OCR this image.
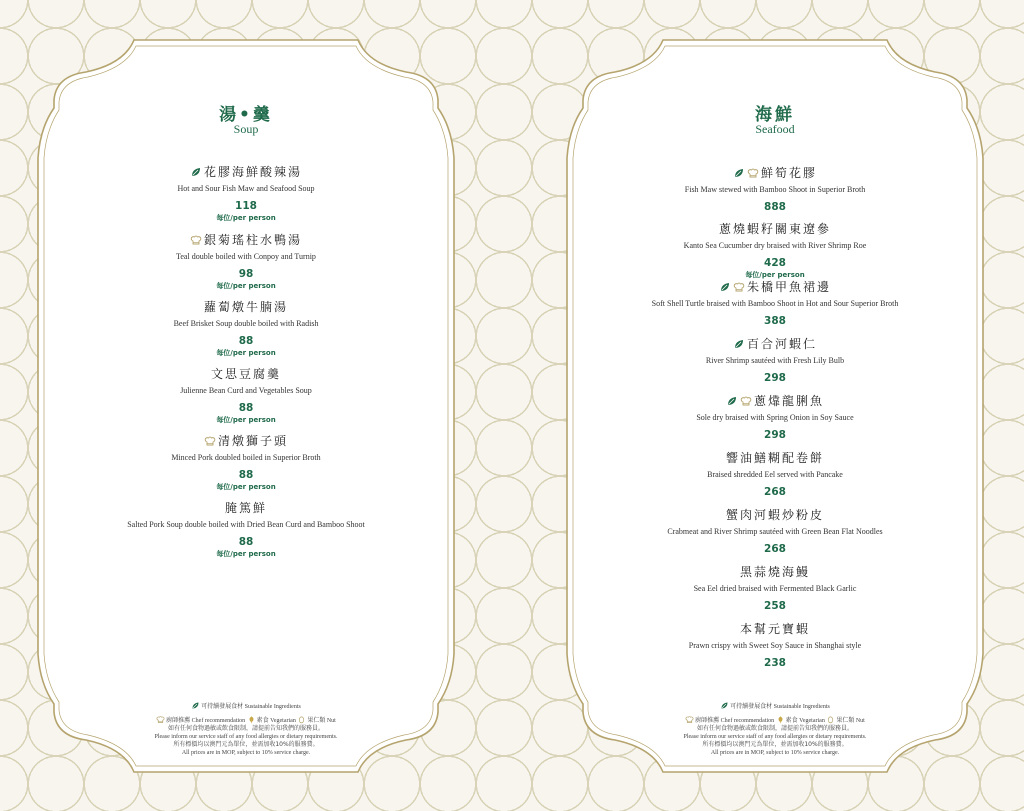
湯•羹
Soup
花膠海鮮酸辣湯
Hot and Sour Fish Maw and Seafood Soup
118
每位/per person
銀菊瑤柱水鴨湯
Teal double boiled with Conpoy and Turnip
98
每位/per person
蘿蔔燉牛腩湯
Beef Brisket Soup double boiled with Radish
88
每位/per person
文思豆腐羹
Julienne Bean Curd and Vegetables Soup
88
每位/per person
清燉獅子頭
Minced Pork doubled boiled in Superior Broth
88
每位/per person
腌篤鮮
Salted Pork Soup double boiled with Dried Bean Curd and Bamboo Shoot
88
每位/per person
可持續發展食材 Sustainable Ingredients
廚師推薦 Chef recommendation 素食 Vegetarian 果仁類 Nut
如有任何食物過敏或飲食限制，請提前告知我們的服務員。
Please inform our service staff of any food allergies or dietary requirements.
所有標價均以澳門元為單位，並需加收10%的服務費。
All prices are in MOP, subject to 10% service charge.
海鮮
Seafood
鮮筍花膠
Fish Maw stewed with Bamboo Shoot in Superior Broth
888
蔥燒蝦籽關東遼參
Kanto Sea Cucumber dry braised with River Shrimp Roe
428
每位/per person
朱橋甲魚裙邊
Soft Shell Turtle braised with Bamboo Shoot in Hot and Sour Superior Broth
388
百合河蝦仁
River Shrimp sautéed with Fresh Lily Bulb
298
蔥㸆龍脷魚
Sole dry braised with Spring Onion in Soy Sauce
298
響油鱔糊配卷餅
Braised shredded Eel served with Pancake
268
蟹肉河蝦炒粉皮
Crabmeat and River Shrimp sautéed with Green Bean Flat Noodles
268
黑蒜燒海鰻
Sea Eel dried braised with Fermented Black Garlic
258
本幫元寶蝦
Prawn crispy with Sweet Soy Sauce in Shanghai style
238
可持續發展食材 Sustainable Ingredients
廚師推薦 Chef recommendation 素食 Vegetarian 果仁類 Nut
如有任何食物過敏或飲食限制，請提前告知我們的服務員。
Please inform our service staff of any food allergies or dietary requirements.
所有標價均以澳門元為單位，並需加收10%的服務費。
All prices are in MOP, subject to 10% service charge.
